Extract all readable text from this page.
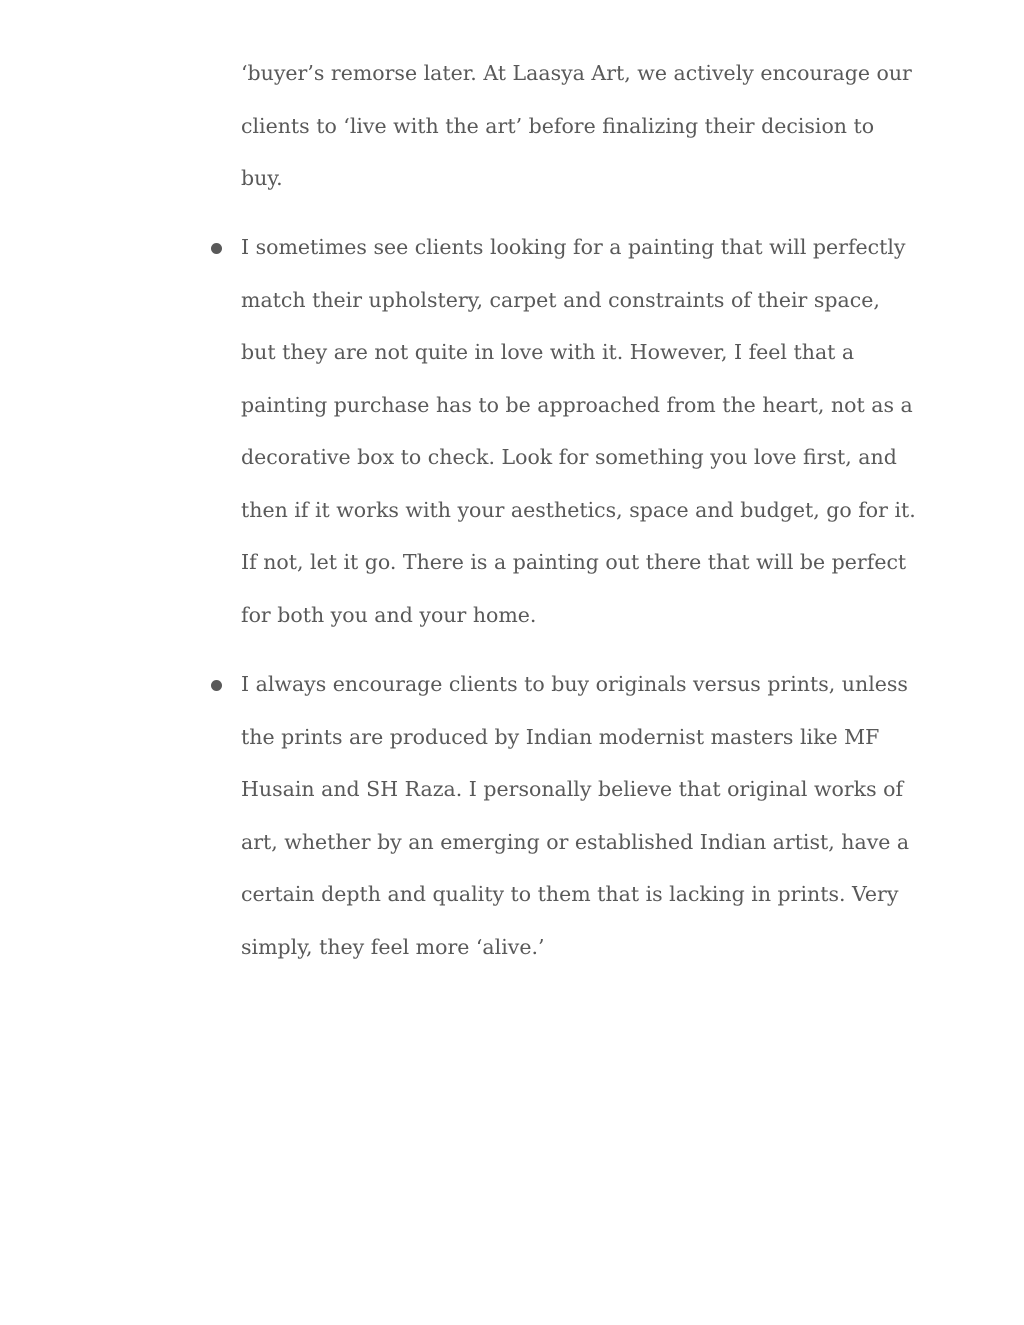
‘buyer’s remorse later. At Laasya Art, we actively encourage our
clients to ‘live with the art’ before finalizing their decision to
buy.

I sometimes see clients looking for a painting that will perfectly
match their upholstery, carpet and constraints of their space,
but they are not quite in love with it. However, I feel that a
painting purchase has to be approached from the heart, not as a
decorative box to check. Look for something you love first, and
then if it works with your aesthetics, space and budget, go for it.
If not, let it go. There is a painting out there that will be perfect
for both you and your home.

I always encourage clients to buy originals versus prints, unless
the prints are produced by Indian modernist masters like MF
Husain and SH Raza. I personally believe that original works of
art, whether by an emerging or established Indian artist, have a
certain depth and quality to them that is lacking in prints. Very
simply, they feel more ‘alive.’
